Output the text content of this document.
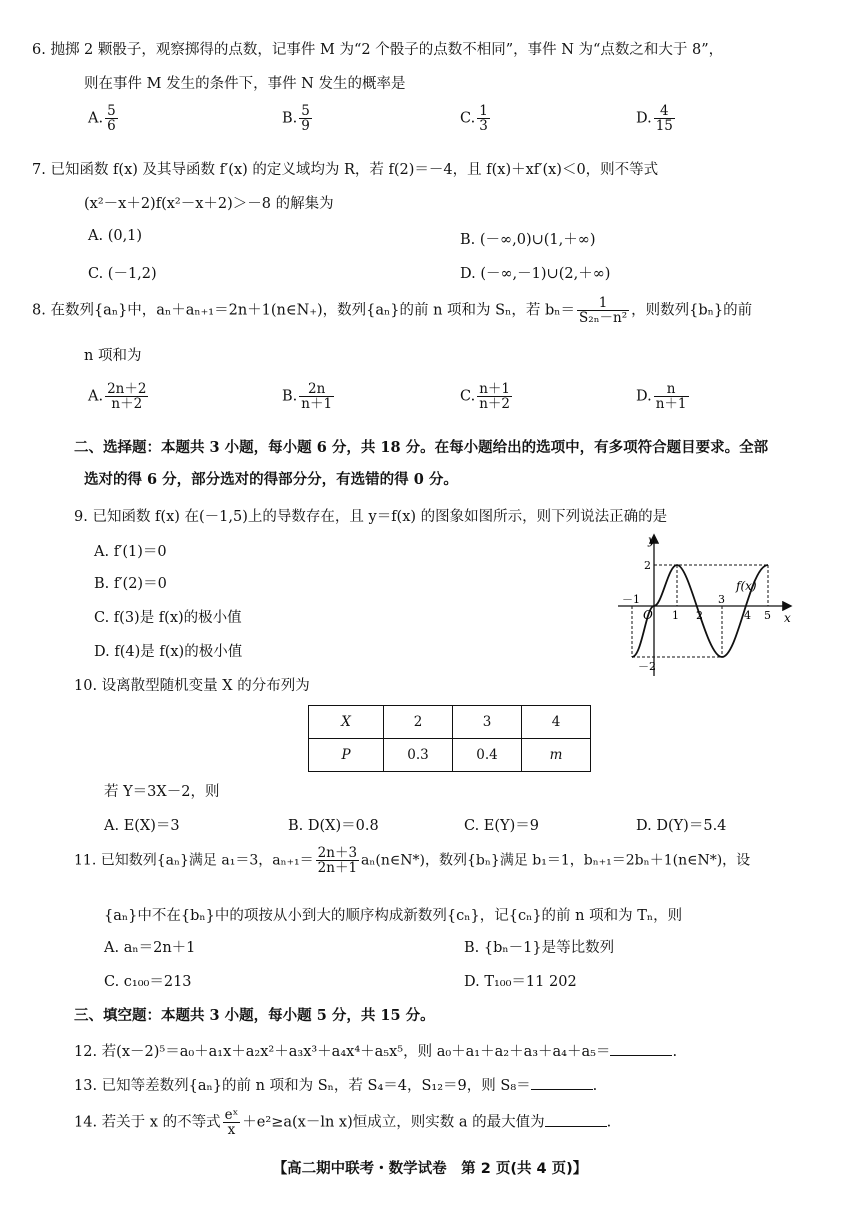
6. 抛掷 2 颗骰子，观察掷得的点数，记事件 M 为“2 个骰子的点数不相同”，事件 N 为“点数之和大于 8”，
则在事件 M 发生的条件下，事件 N 发生的概率是
A. $\frac{5}{6}$	B. $\frac{5}{9}$	C. $\frac{1}{3}$	D. $\frac{4}{15}$
7. 已知函数 f(x) 及其导函数 f′(x) 的定义域均为 R，若 f(2)＝－4，且 f(x)＋xf′(x)＜0，则不等式
(x²－x＋2)f(x²－x＋2)＞－8 的解集为
A. (0,1)	B. (－∞,0)∪(1,＋∞)
C. (－1,2)	D. (－∞,－1)∪(2,＋∞)
8. 在数列{aₙ}中，aₙ＋aₙ₊₁＝2n＋1(n∈N₊)，数列{aₙ}的前 n 项和为 Sₙ，若 $b_n= \frac{1}{\text{S₂ₙ－n²}}$ ，则数列{bₙ}的前
n 项和为
A. $\frac{2n+2}{n+2}$	B. $\frac{2n}{n+1}$	C. $\frac{n+1}{n+2}$	D. $\frac{n}{n+1}$
二、选择题：本题共 3 小题，每小题 6 分，共 18 分。在每小题给出的选项中，有多项符合题目要求。全部
选对的得 6 分，部分选对的得部分分，有选错的得 0 分。
9. 已知函数 f(x) 在(－1,5)上的导数存在，且 y＝f(x) 的图象如图所示，则下列说法正确的是
A. f′(1)＝0
B. f′(2)＝0
C. f(3)是 f(x)的极小值
D. f(4)是 f(x)的极小值
y
x
O
f(x)
－1
1 2
3
4 5
2
－2
10. 设离散型随机变量 X 的分布列为
X	2	3	4
P	0.3	0.4	m
若 Y＝3X－2，则
A. E(X)＝3	B. D(X)＝0.8	C. E(Y)＝9	D. D(Y)＝5.4
11. 已知数列{aₙ}满足 a₁＝3，$a_{n+1}= \frac{2n+3}{2n+1}$ aₙ(n∈N*)，数列{bₙ}满足 b₁＝1，bₙ₊₁＝2bₙ＋1(n∈N*)，设
{aₙ}中不在{bₙ}中的项按从小到大的顺序构成新数列{cₙ}，记{cₙ}的前 n 项和为 Tₙ，则
A. aₙ＝2n＋1	B. {bₙ－1}是等比数列
C. c₁₀₀＝213	D. T₁₀₀＝11 202
三、填空题：本题共 3 小题，每小题 5 分，共 15 分。
12. 若(x－2)⁵＝a₀＋a₁x＋a₂x²＋a₃x³＋a₄x⁴＋a₅x⁵，则 a₀＋a₁＋a₂＋a₃＋a₄＋a₅＝	.
13. 已知等差数列{aₙ}的前 n 项和为 Sₙ，若 S₄＝4，S₁₂＝9，则 S₈＝	.
14. 若关于 x 的不等式 $\frac{\text{eˣ}}{x} +e^2\ge a(x-\ln$ x)恒成立，则实数 a 的最大值为	.
【高二期中联考・数学试卷　第 2 页(共 4 页)】
